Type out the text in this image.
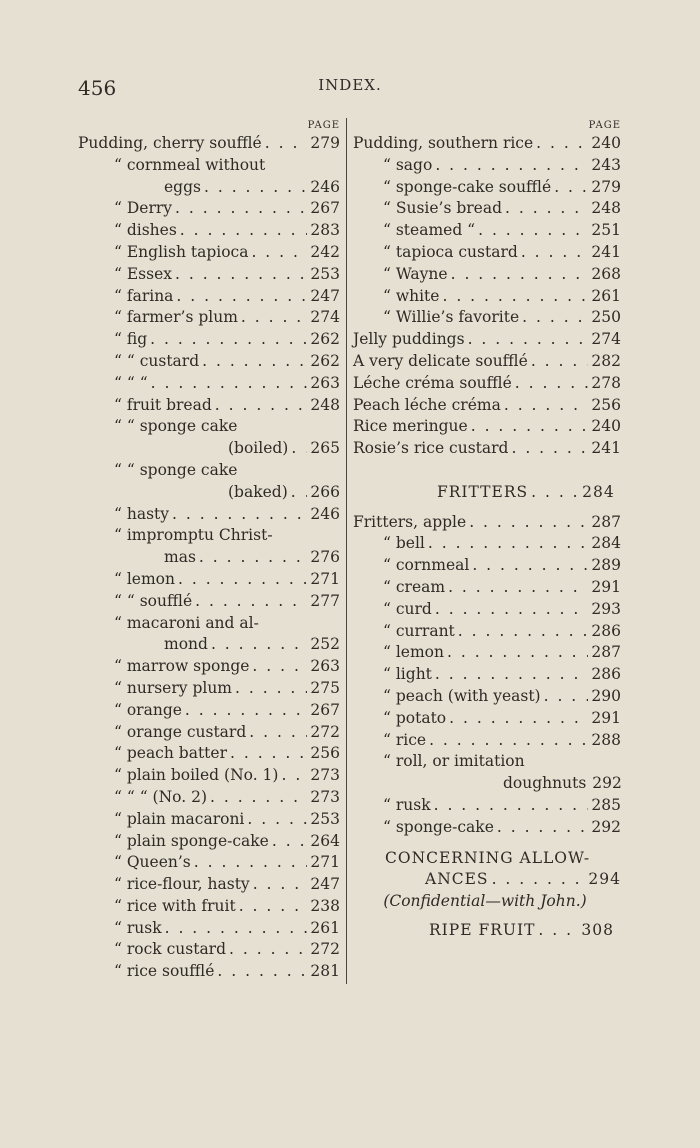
456	INDEX.
PAGE
Pudding, cherry soufflé . . .	279
“ cornmeal without
eggs . . .	246
“ Derry . . .	267
“ dishes . . .	283
“ English tapioca . . .	242
“ Essex . . .	253
“ farina . . .	247
“ farmer’s plum . . .	274
“ fig . . .	262
“ “ custard . . .	262
“ “ “ . . .	263
“ fruit bread . . .	248
“ “ sponge cake
(boiled) . . . 265
“ “ sponge cake
(baked) . . . 266
“ hasty . . .	246
“ impromptu Christ-
mas . . .	276
“ lemon . . .	271
“ “ soufflé . . .	277
“ macaroni and al-
mond . . .	252
“ marrow sponge . . .	263
“ nursery plum . . .	275
“ orange . . .	267
“ orange custard . . .	272
“ peach batter . . .	256
“ plain boiled (No. 1) . . . 273
“ “ “ (No. 2) . . .	273
“ plain macaroni . . .	253
“ plain sponge-cake . . .	264
“ Queen’s . . .	271
“ rice-flour, hasty . . .	247
“ rice with fruit . . .	238
“ rusk . . .	261
“ rock custard . . .	272
“ rice soufflé . . .	281
PAGE
Pudding, southern rice . . .	240
“ sago . . .	243
“ sponge-cake soufflé . . .	279
“ Susie’s bread . . .	248
“ steamed “ . . .	251
“ tapioca custard . . .	241
“ Wayne . . .	268
“ white . . .	261
“ Willie’s favorite . . .	250
Jelly puddings . . .	274
A very delicate soufflé . . .	282
Léche créma soufflé . . .	278
Peach léche créma . . .	256
Rice meringue . . .	240
Rosie’s rice custard . . .	241
FRITTERS . . .	284
Fritters, apple . . .	287
“ bell . . .	284
“ cornmeal . . .	289
“ cream . . .	291
“ curd . . .	293
“ currant . . .	286
“ lemon . . .	287
“ light . . .	286
“ peach (with yeast) . . .	290
“ potato . . .	291
“ rice . . .	288
“ roll, or imitation
doughnuts 292
“ rusk . . .	285
“ sponge-cake . . .	292
CONCERNING ALLOW-
ANCES . . .	294
(Confidential—with John.)
RIPE FRUIT . . .	308
